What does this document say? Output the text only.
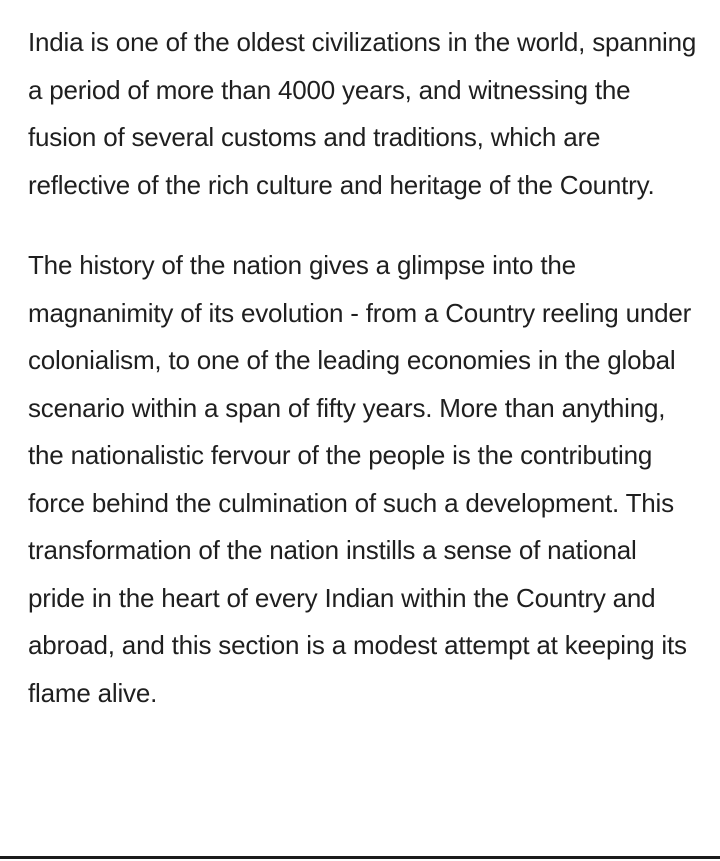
India is one of the oldest civilizations in the world, spanning a period of more than 4000 years, and witnessing the fusion of several customs and traditions, which are reflective of the rich culture and heritage of the Country.

The history of the nation gives a glimpse into the magnanimity of its evolution - from a Country reeling under colonialism, to one of the leading economies in the global scenario within a span of fifty years. More than anything, the nationalistic fervour of the people is the contributing force behind the culmination of such a development. This transformation of the nation instills a sense of national pride in the heart of every Indian within the Country and abroad, and this section is a modest attempt at keeping its flame alive.
